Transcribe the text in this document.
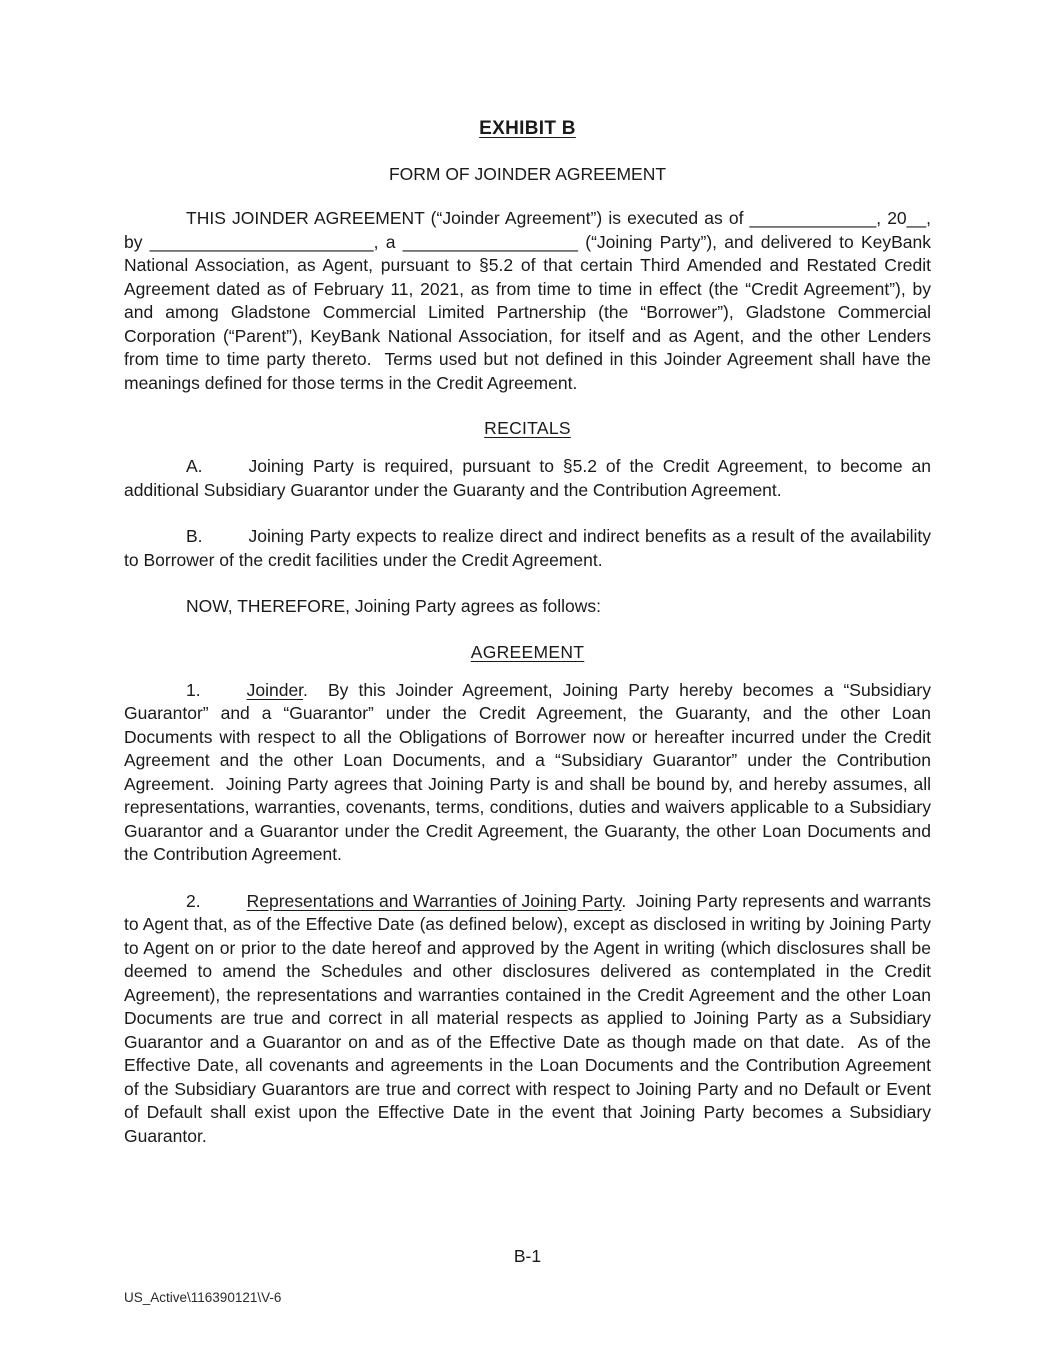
EXHIBIT B
FORM OF JOINDER AGREEMENT

THIS JOINDER AGREEMENT (“Joinder Agreement”) is executed as of _____________, 20__, by _______________________, a __________________ (“Joining Party”), and delivered to KeyBank National Association, as Agent, pursuant to §5.2 of that certain Third Amended and Restated Credit Agreement dated as of February 11, 2021, as from time to time in effect (the “Credit Agreement”), by and among Gladstone Commercial Limited Partnership (the “Borrower”), Gladstone Commercial Corporation (“Parent”), KeyBank National Association, for itself and as Agent, and the other Lenders from time to time party thereto.  Terms used but not defined in this Joinder Agreement shall have the meanings defined for those terms in the Credit Agreement.

RECITALS

A.	Joining Party is required, pursuant to §5.2 of the Credit Agreement, to become an additional Subsidiary Guarantor under the Guaranty and the Contribution Agreement.

B.	Joining Party expects to realize direct and indirect benefits as a result of the availability to Borrower of the credit facilities under the Credit Agreement.

NOW, THEREFORE, Joining Party agrees as follows:

AGREEMENT

1.	Joinder.  By this Joinder Agreement, Joining Party hereby becomes a “Subsidiary Guarantor” and a “Guarantor” under the Credit Agreement, the Guaranty, and the other Loan Documents with respect to all the Obligations of Borrower now or hereafter incurred under the Credit Agreement and the other Loan Documents, and a “Subsidiary Guarantor” under the Contribution Agreement.  Joining Party agrees that Joining Party is and shall be bound by, and hereby assumes, all representations, warranties, covenants, terms, conditions, duties and waivers applicable to a Subsidiary Guarantor and a Guarantor under the Credit Agreement, the Guaranty, the other Loan Documents and the Contribution Agreement.

2.	Representations and Warranties of Joining Party.  Joining Party represents and warrants to Agent that, as of the Effective Date (as defined below), except as disclosed in writing by Joining Party to Agent on or prior to the date hereof and approved by the Agent in writing (which disclosures shall be deemed to amend the Schedules and other disclosures delivered as contemplated in the Credit Agreement), the representations and warranties contained in the Credit Agreement and the other Loan Documents are true and correct in all material respects as applied to Joining Party as a Subsidiary Guarantor and a Guarantor on and as of the Effective Date as though made on that date.  As of the Effective Date, all covenants and agreements in the Loan Documents and the Contribution Agreement of the Subsidiary Guarantors are true and correct with respect to Joining Party and no Default or Event of Default shall exist upon the Effective Date in the event that Joining Party becomes a Subsidiary Guarantor.

B-1
US_Active\116390121\V-6
